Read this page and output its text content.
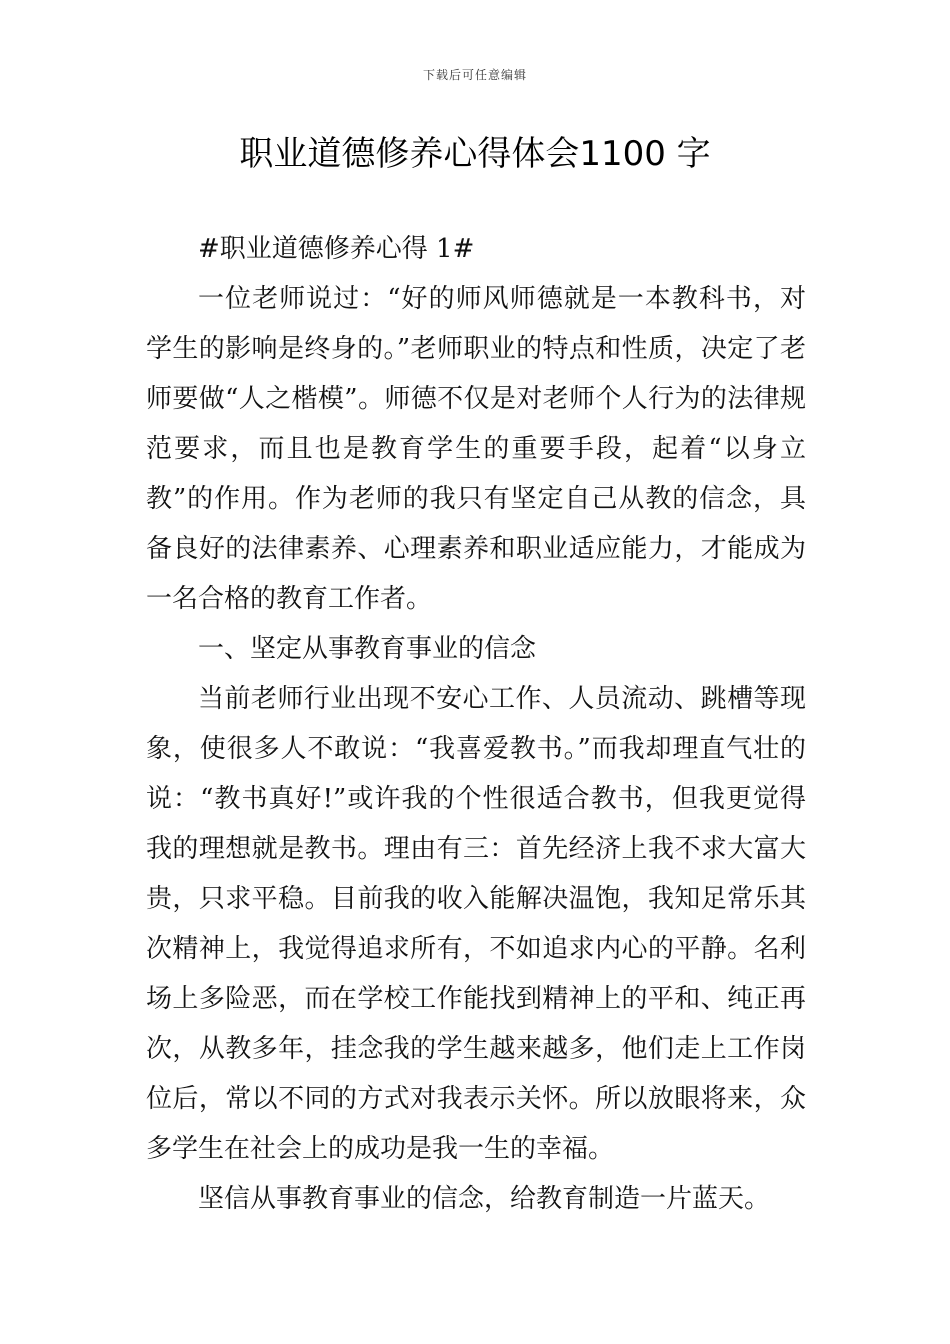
下载后可任意编辑
职业道德修养心得体会1100 字

#职业道德修养心得 1#

一位老师说过：“好的师风师德就是一本教科书，对学生的影响是终身的。”老师职业的特点和性质，决定了老师要做“人之楷模”。师德不仅是对老师个人行为的法律规范要求，而且也是教育学生的重要手段，起着“以身立教”的作用。作为老师的我只有坚定自己从教的信念，具备良好的法律素养、心理素养和职业适应能力，才能成为一名合格的教育工作者。

一、坚定从事教育事业的信念

当前老师行业出现不安心工作、人员流动、跳槽等现象，使很多人不敢说：“我喜爱教书。”而我却理直气壮的说：“教书真好!”或许我的个性很适合教书，但我更觉得我的理想就是教书。理由有三：首先经济上我不求大富大贵，只求平稳。目前我的收入能解决温饱，我知足常乐其次精神上，我觉得追求所有，不如追求内心的平静。名利场上多险恶，而在学校工作能找到精神上的平和、纯正再次，从教多年，挂念我的学生越来越多，他们走上工作岗位后，常以不同的方式对我表示关怀。所以放眼将来，众多学生在社会上的成功是我一生的幸福。

坚信从事教育事业的信念，给教育制造一片蓝天。
